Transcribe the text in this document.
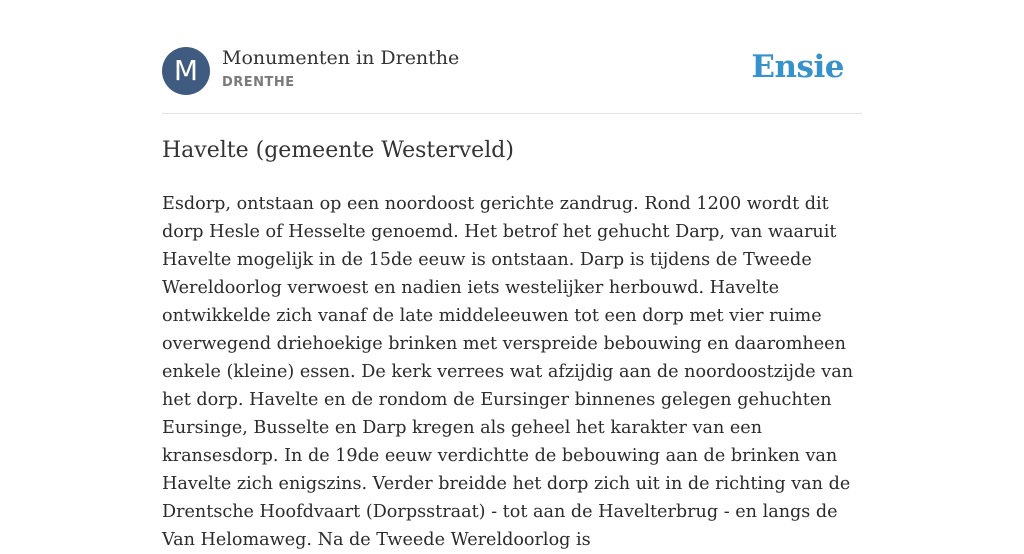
M	Monumenten in Drenthe
DRENTHE	Ensie
Havelte (gemeente Westerveld)

Esdorp, ontstaan op een noordoost gerichte zandrug. Rond 1200 wordt dit dorp Hesle of Hesselte genoemd. Het betrof het gehucht Darp, van waaruit Havelte mogelijk in de 15de eeuw is ontstaan. Darp is tijdens de Tweede Wereldoorlog verwoest en nadien iets westelijker herbouwd. Havelte ontwikkelde zich vanaf de late middeleeuwen tot een dorp met vier ruime overwegend driehoekige brinken met verspreide bebouwing en daaromheen enkele (kleine) essen. De kerk verrees wat afzijdig aan de noordoostzijde van het dorp. Havelte en de rondom de Eursinger binnenes gelegen gehuchten Eursinge, Busselte en Darp kregen als geheel het karakter van een kransesdorp. In de 19de eeuw verdichtte de bebouwing aan de brinken van Havelte zich enigszins. Verder breidde het dorp zich uit in de richting van de Drentsche Hoofdvaart (Dorpsstraat) - tot aan de Havelterbrug - en langs de Van Helomaweg. Na de Tweede Wereldoorlog is
